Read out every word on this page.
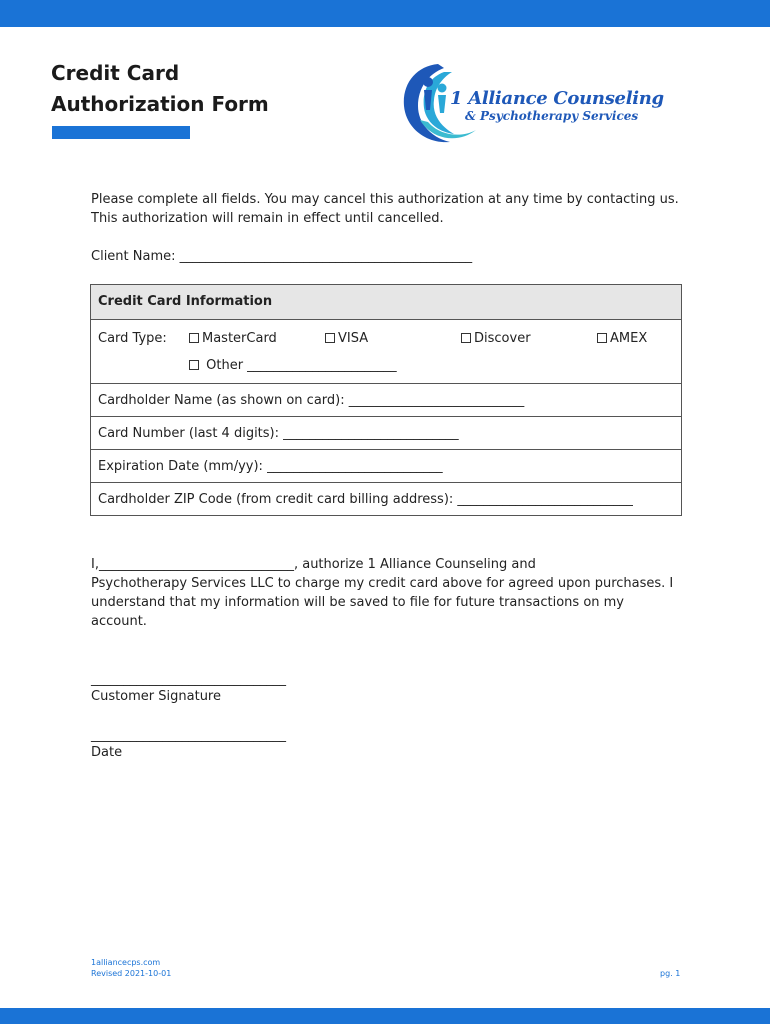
Credit Card
Authorization Form	1 Alliance Counseling
& Psychotherapy Services
Please complete all fields. You may cancel this authorization at any time by contacting us.
This authorization will remain in effect until cancelled.
Client Name: _____________________________________________
Credit Card Information
Card Type:	MasterCard	VISA	Discover	AMEX
Other _______________________
Cardholder Name (as shown on card): ___________________________
Card Number (last 4 digits): ___________________________
Expiration Date (mm/yy): ___________________________
Cardholder ZIP Code (from credit card billing address): ___________________________
I,______________________________, authorize 1 Alliance Counseling and
Psychotherapy Services LLC to charge my credit card above for agreed upon purchases. I
understand that my information will be saved to file for future transactions on my
account.
______________________________
Customer Signature
______________________________
Date
1alliancecps.com
Revised 2021-10-01	pg. 1
